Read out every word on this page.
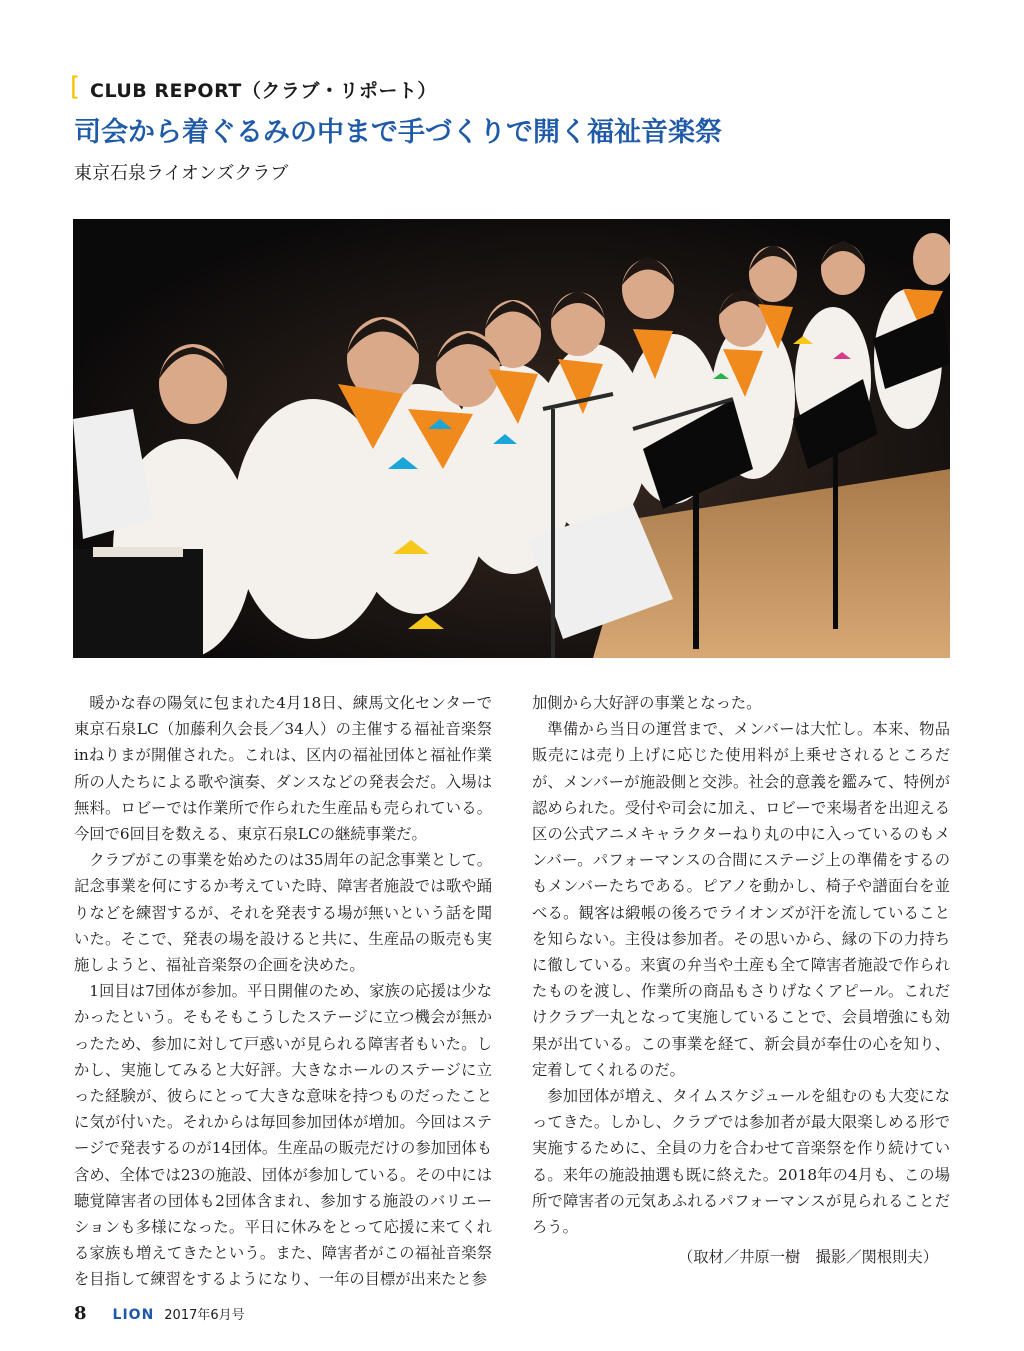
[ CLUB REPORT（クラブ・リポート）
司会から着ぐるみの中まで手づくりで開く福祉音楽祭
東京石泉ライオンズクラブ

暖かな春の陽気に包まれた4月18日、練馬文化センターで東京石泉LC（加藤利久会長／34人）の主催する福祉音楽祭inねりまが開催された。これは、区内の福祉団体と福祉作業所の人たちによる歌や演奏、ダンスなどの発表会だ。入場は無料。ロビーでは作業所で作られた生産品も売られている。今回で6回目を数える、東京石泉LCの継続事業だ。

クラブがこの事業を始めたのは35周年の記念事業として。記念事業を何にするか考えていた時、障害者施設では歌や踊りなどを練習するが、それを発表する場が無いという話を聞いた。そこで、発表の場を設けると共に、生産品の販売も実施しようと、福祉音楽祭の企画を決めた。

1回目は7団体が参加。平日開催のため、家族の応援は少なかったという。そもそもこうしたステージに立つ機会が無かったため、参加に対して戸惑いが見られる障害者もいた。しかし、実施してみると大好評。大きなホールのステージに立った経験が、彼らにとって大きな意味を持つものだったことに気が付いた。それからは毎回参加団体が増加。今回はステージで発表するのが14団体。生産品の販売だけの参加団体も含め、全体では23の施設、団体が参加している。その中には聴覚障害者の団体も2団体含まれ、参加する施設のバリエーションも多様になった。平日に休みをとって応援に来てくれる家族も増えてきたという。また、障害者がこの福祉音楽祭を目指して練習をするようになり、一年の目標が出来たと参

加側から大好評の事業となった。

準備から当日の運営まで、メンバーは大忙し。本来、物品販売には売り上げに応じた使用料が上乗せされるところだが、メンバーが施設側と交渉。社会的意義を鑑みて、特例が認められた。受付や司会に加え、ロビーで来場者を出迎える区の公式アニメキャラクターねり丸の中に入っているのもメンバー。パフォーマンスの合間にステージ上の準備をするのもメンバーたちである。ピアノを動かし、椅子や譜面台を並べる。観客は緞帳の後ろでライオンズが汗を流していることを知らない。主役は参加者。その思いから、縁の下の力持ちに徹している。来賓の弁当や土産も全て障害者施設で作られたものを渡し、作業所の商品もさりげなくアピール。これだけクラブ一丸となって実施していることで、会員増強にも効果が出ている。この事業を経て、新会員が奉仕の心を知り、定着してくれるのだ。

参加団体が増え、タイムスケジュールを組むのも大変になってきた。しかし、クラブでは参加者が最大限楽しめる形で実施するために、全員の力を合わせて音楽祭を作り続けている。来年の施設抽選も既に終えた。2018年の4月も、この場所で障害者の元気あふれるパフォーマンスが見られることだろう。

（取材／井原一樹　撮影／関根則夫）
8 LION 2017年6月号
